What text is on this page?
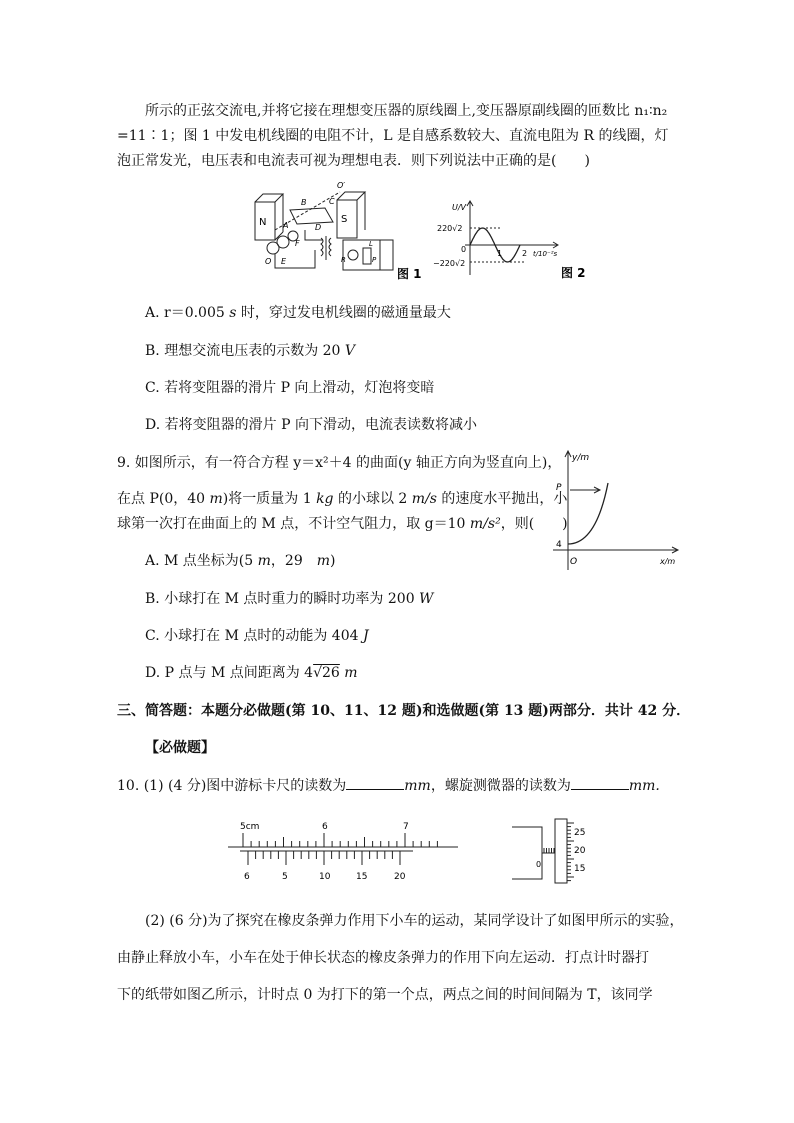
所示的正弦交流电,并将它接在理想变压器的原线圈上,变压器原副线圈的匝数比 n₁∶n₂
=11∶1；图 1 中发电机线圈的电阻不计，L 是自感系数较大、直流电阻为 R 的线圈，灯
泡正常发光，电压表和电流表可视为理想电表．则下列说法中正确的是(　　)
N	S
O′
B	C
A	D
F
O E
L
P
R
图 1
U/V
220√2
0
−220√2
1 2 t/10⁻²s
图 2
A. r＝0.005 s 时，穿过发电机线圈的磁通量最大
B. 理想交流电压表的示数为 20 V
C. 若将变阻器的滑片 P 向上滑动，灯泡将变暗
D. 若将变阻器的滑片 P 向下滑动，电流表读数将减小
9. 如图所示，有一符合方程 y＝x²＋4 的曲面(y 轴正方向为竖直向上)，
在点 P(0，40 m)将一质量为 1 kg 的小球以 2 m/s 的速度水平抛出，小
球第一次打在曲面上的 M 点，不计空气阻力，取 g＝10 m/s²，则(　　)
y/m
P
4
O	x/m
A. M 点坐标为(5 m，29　m)
B. 小球打在 M 点时重力的瞬时功率为 200 W
C. 小球打在 M 点时的动能为 404 J
D. P 点与 M 点间距离为 4√26 m
三、简答题：本题分必做题(第 10、11、12 题)和选做题(第 13 题)两部分．共计 42 分．
【必做题】
10. (1) (4 分)图中游标卡尺的读数为	mm，螺旋测微器的读数为	mm.
5cm	6	7
6	5	10	15	20
25
20
15
0
(2) (6 分)为了探究在橡皮条弹力作用下小车的运动，某同学设计了如图甲所示的实验，
由静止释放小车，小车在处于伸长状态的橡皮条弹力的作用下向左运动．打点计时器打
下的纸带如图乙所示，计时点 0 为打下的第一个点，两点之间的时间间隔为 T，该同学
